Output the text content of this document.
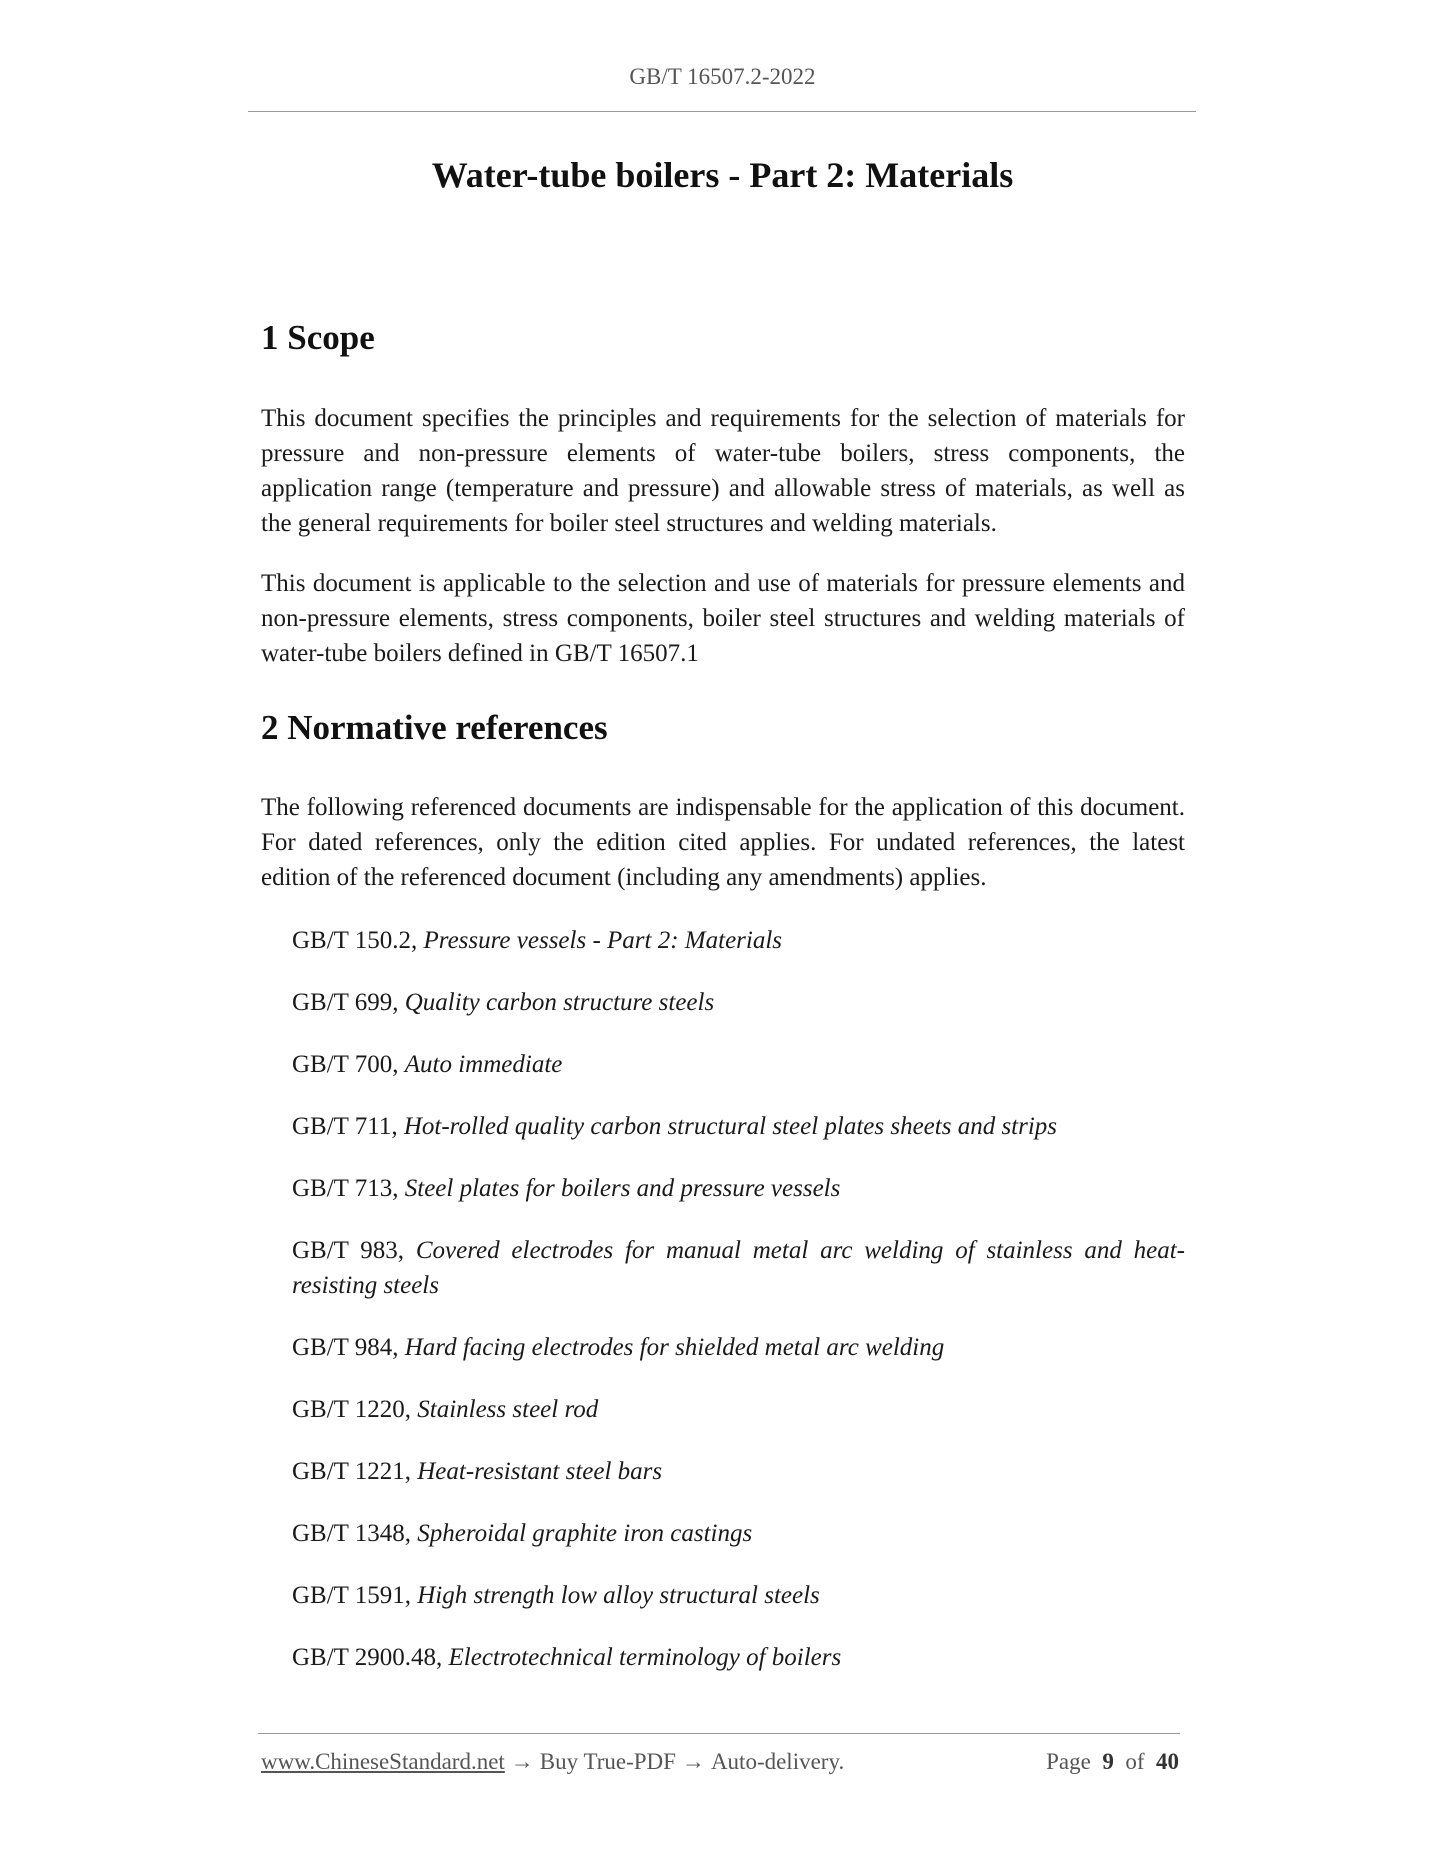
GB/T 16507.2-2022
Water-tube boilers - Part 2: Materials
1 Scope

This document specifies the principles and requirements for the selection of materials for pressure and non-pressure elements of water-tube boilers, stress components, the application range (temperature and pressure) and allowable stress of materials, as well as the general requirements for boiler steel structures and welding materials.

This document is applicable to the selection and use of materials for pressure elements and non-pressure elements, stress components, boiler steel structures and welding materials of water-tube boilers defined in GB/T 16507.1

2 Normative references

The following referenced documents are indispensable for the application of this document. For dated references, only the edition cited applies. For undated references, the latest edition of the referenced document (including any amendments) applies.

GB/T 150.2, Pressure vessels - Part 2: Materials

GB/T 699, Quality carbon structure steels

GB/T 700, Auto immediate

GB/T 711, Hot-rolled quality carbon structural steel plates sheets and strips

GB/T 713, Steel plates for boilers and pressure vessels

GB/T 983, Covered electrodes for manual metal arc welding of stainless and heat-resisting steels

GB/T 984, Hard facing electrodes for shielded metal arc welding

GB/T 1220, Stainless steel rod

GB/T 1221, Heat-resistant steel bars

GB/T 1348, Spheroidal graphite iron castings

GB/T 1591, High strength low alloy structural steels

GB/T 2900.48, Electrotechnical terminology of boilers

www.ChineseStandard.net → Buy True-PDF → Auto-delivery.	Page 9 of 40
